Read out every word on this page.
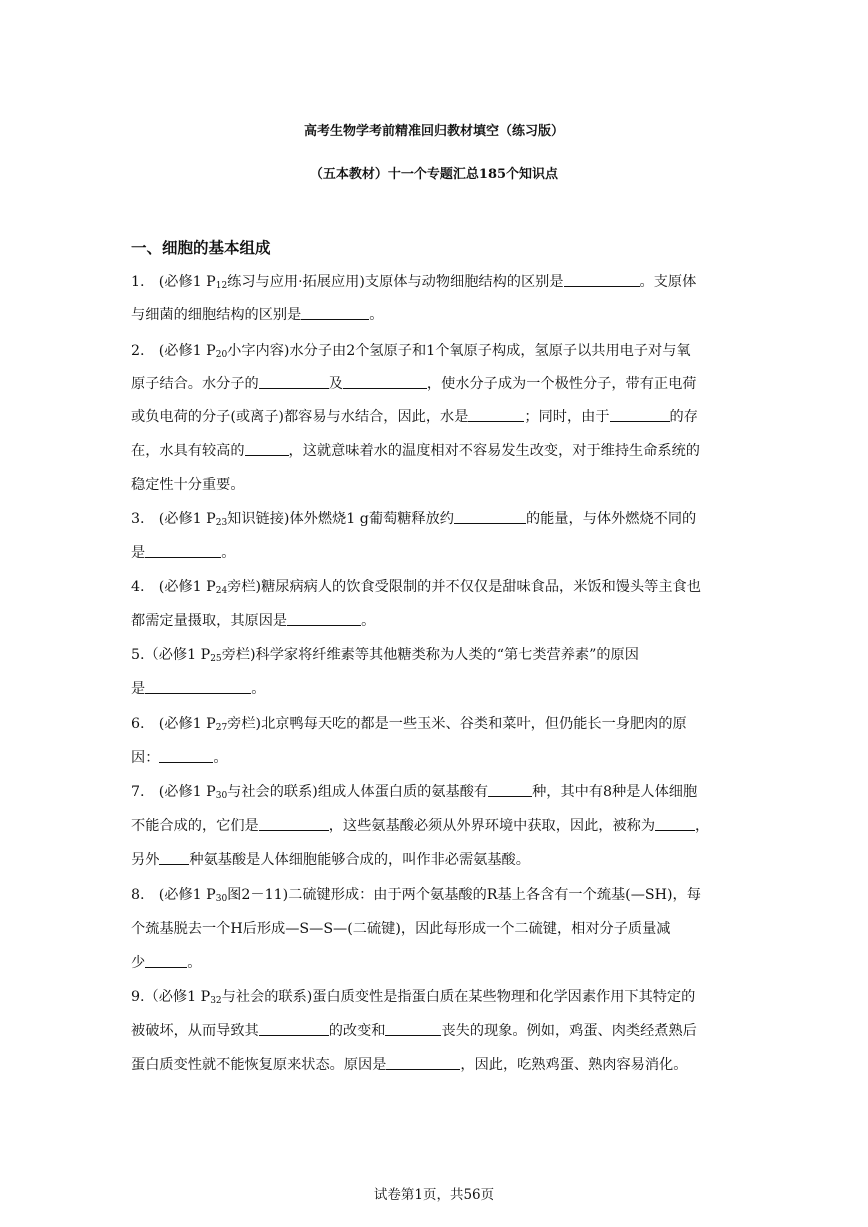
高考生物学考前精准回归教材填空（练习版）
（五本教材）十一个专题汇总185个知识点
一、细胞的基本组成
1.　(必修1 $P_{12}$练习与应用·拓展应用)支原体与动物细胞结构的区别是	。支原体
与细菌的细胞结构的区别是	。
2.　(必修1 $P_{20}$小字内容)水分子由2个氢原子和1个氧原子构成，氢原子以共用电子对与氧
原子结合。水分子的	及	，使水分子成为一个极性分子，带有正电荷
或负电荷的分子(或离子)都容易与水结合，因此，水是	；同时，由于	的存
在，水具有较高的	，这就意味着水的温度相对不容易发生改变，对于维持生命系统的
稳定性十分重要。
3.　(必修1 $P_{23}$知识链接)体外燃烧1 g葡萄糖释放约	的能量，与体外燃烧不同的
是	。
4.　(必修1 $P_{24}$旁栏)糖尿病病人的饮食受限制的并不仅仅是甜味食品，米饭和馒头等主食也
都需定量摄取，其原因是	。
5.（必修1 $P_{25}$旁栏)科学家将纤维素等其他糖类称为人类的“第七类营养素”的原因
是	。
6.　(必修1 $P_{27}$旁栏)北京鸭每天吃的都是一些玉米、谷类和菜叶，但仍能长一身肥肉的原
因：	。
7.　(必修1 $P_{30}$与社会的联系)组成人体蛋白质的氨基酸有	种，其中有8种是人体细胞
不能合成的，它们是	，这些氨基酸必须从外界环境中获取，因此，被称为	，
另外 种氨基酸是人体细胞能够合成的，叫作非必需氨基酸。
8.　(必修1 $P_{30}$图2－11)二硫键形成：由于两个氨基酸的R基上各含有一个巯基(—SH)，每
个巯基脱去一个H后形成—S—S—(二硫键)，因此每形成一个二硫键，相对分子质量减
少	。
9.（必修1 $P_{32}$与社会的联系)蛋白质变性是指蛋白质在某些物理和化学因素作用下其特定的
被破坏，从而导致其	的改变和	丧失的现象。例如，鸡蛋、肉类经煮熟后
蛋白质变性就不能恢复原来状态。原因是	，因此，吃熟鸡蛋、熟肉容易消化。
试卷第1页，共56页
